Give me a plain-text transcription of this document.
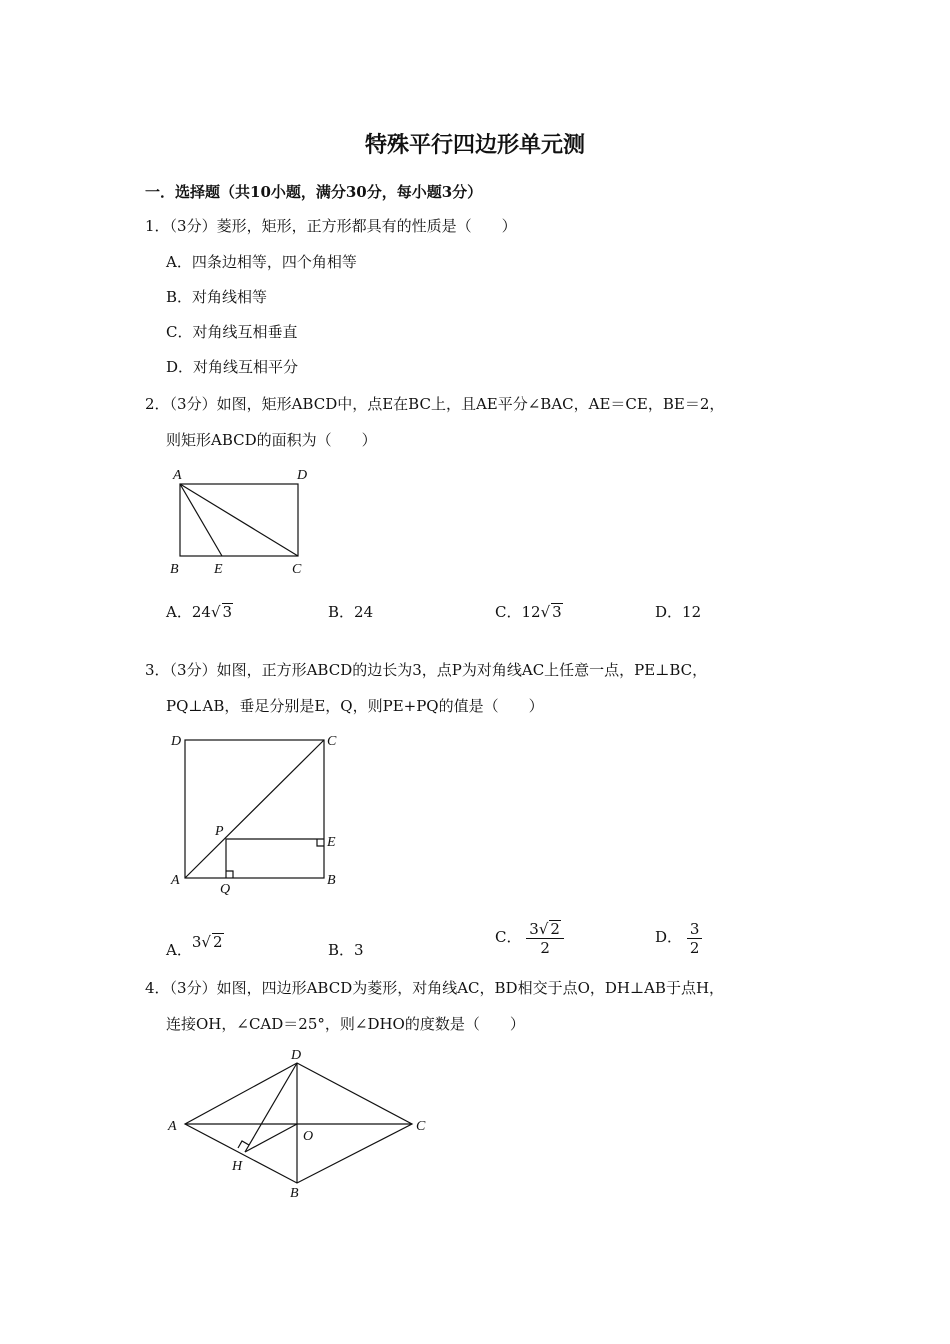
特殊平行四边形单元测
一．选择题（共10小题，满分30分，每小题3分）
1．（3分）菱形，矩形，正方形都具有的性质是（　　）
A．四条边相等，四个角相等
B．对角线相等
C．对角线互相垂直
D．对角线互相平分
2．（3分）如图，矩形ABCD中，点E在BC上，且AE平分∠BAC，AE＝CE，BE＝2，
则矩形ABCD的面积为（　　）
A	D
B	E	C
D	C
P
E
A
Q
B
D
A
O
C
H
B
A．24√ 3	B．24	C．12√ 3	D．12
3．（3分）如图，正方形ABCD的边长为3，点P为对角线AC上任意一点，PE⊥BC，
PQ⊥AB，垂足分别是E，Q，则PE+PQ的值是（　　）
A．3√ 2	B．3
C． $\frac{3√ 2}{2}$	D． $\frac{3}{2}$
4．（3分）如图，四边形ABCD为菱形，对角线AC，BD相交于点O，DH⊥AB于点H，
连接OH，∠CAD＝25°，则∠DHO的度数是（　　）
